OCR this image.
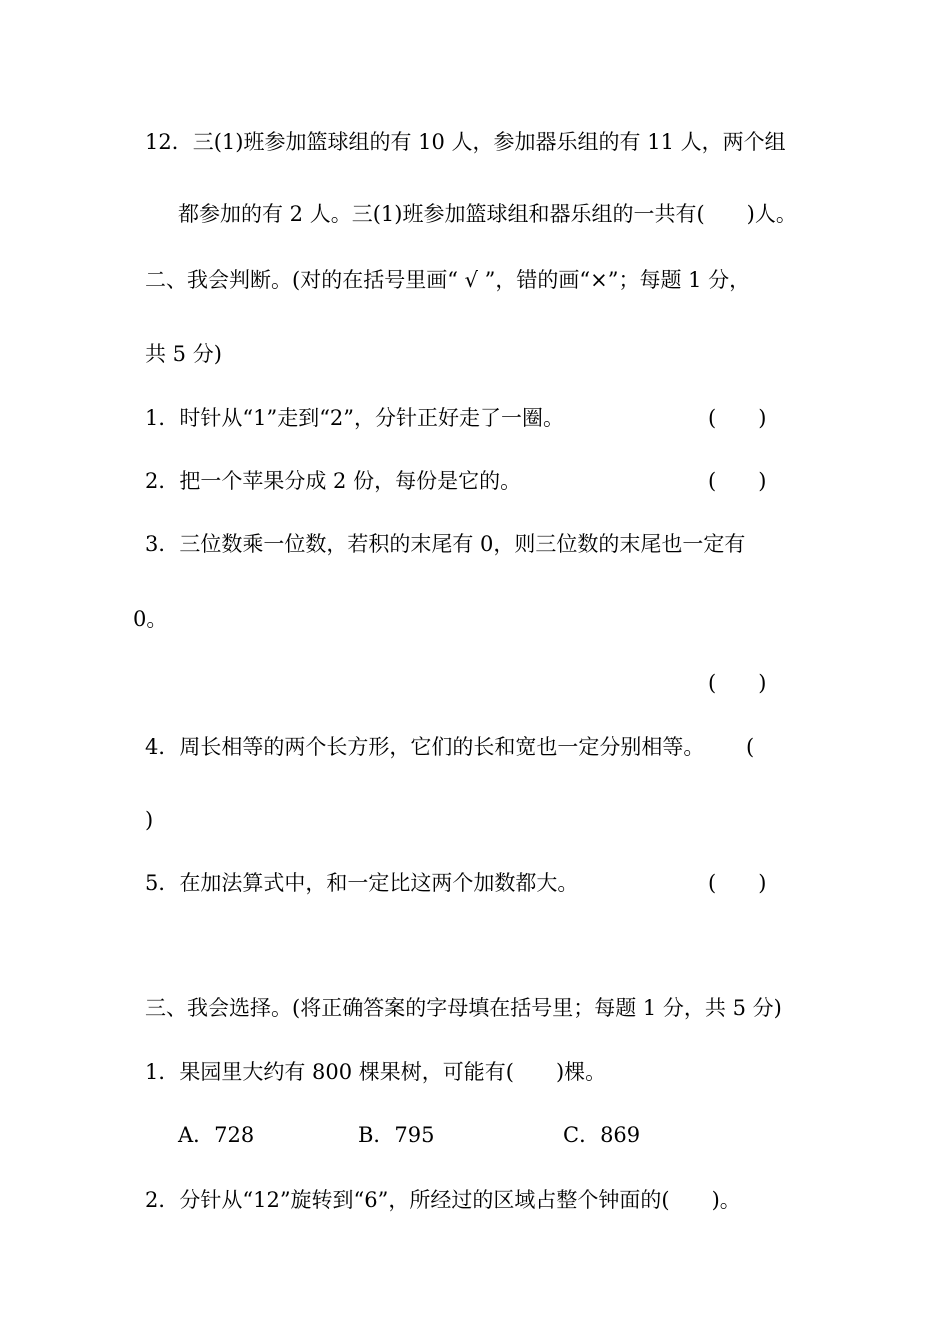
12．三(1)班参加篮球组的有 10 人，参加器乐组的有 11 人，两个组
都参加的有 2 人。三(1)班参加篮球组和器乐组的一共有(　　)人。
二、我会判断。(对的在括号里画“ √ ”，错的画“×”；每题 1 分，
共 5 分)
1．时针从“1”走到“2”，分针正好走了一圈。	(　　)
2．把一个苹果分成 2 份，每份是它的。	(　　)
3．三位数乘一位数，若积的末尾有 0，则三位数的末尾也一定有
0。
(　　)
4．周长相等的两个长方形，它们的长和宽也一定分别相等。 (
)
5．在加法算式中，和一定比这两个加数都大。	(　　)
三、我会选择。(将正确答案的字母填在括号里；每题 1 分，共 5 分)
1．果园里大约有 800 棵果树，可能有(　　)棵。
A．728	B．795	C．869
2．分针从“12”旋转到“6”，所经过的区域占整个钟面的(　　)。
